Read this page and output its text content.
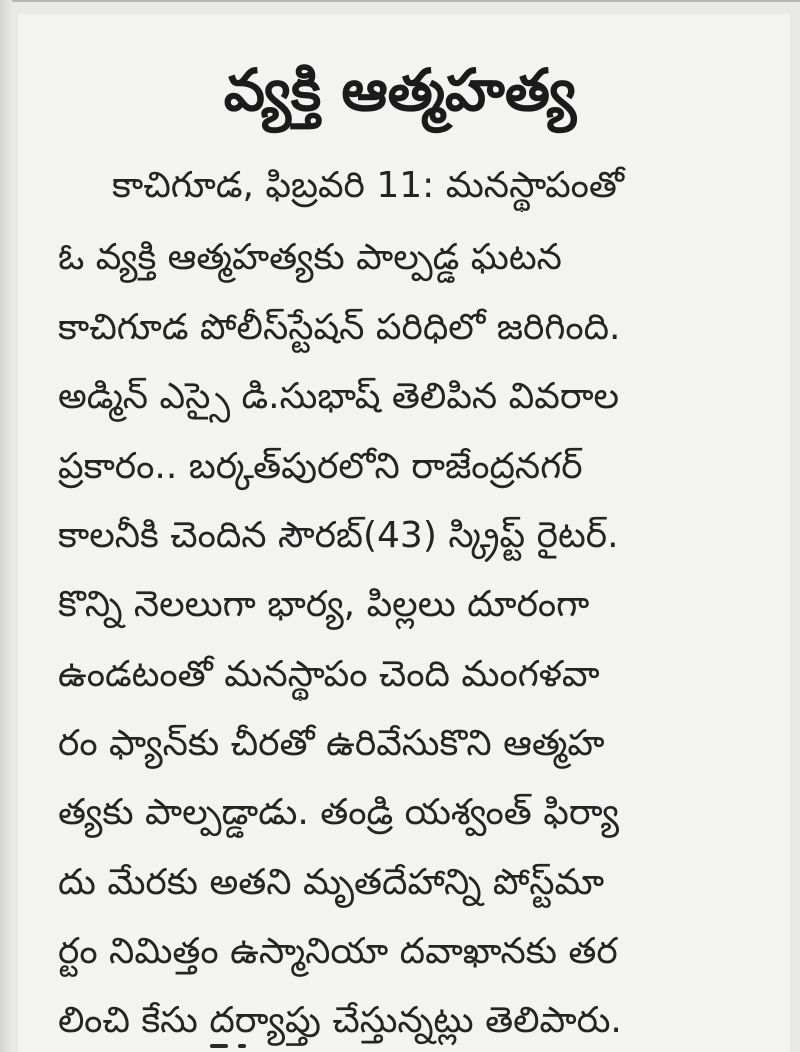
వ్యక్తి ఆత్మహత్య

కాచిగూడ, ఫిబ్రవరి 11: మనస్థాపంతో

ఓ వ్యక్తి ఆత్మహత్యకు పాల్పడ్డ ఘటన

కాచిగూడ పోలీస్‌స్టేషన్ పరిధిలో జరిగింది.

అడ్మిన్ ఎస్సై డి.సుభాష్ తెలిపిన వివరాల

ప్రకారం.. బర్కత్‌పురలోని రాజేంద్రనగర్

కాలనీకి చెందిన సౌరబ్(43) స్క్రిప్ట్ రైటర్.

కొన్ని నెలలుగా భార్య, పిల్లలు దూరంగా

ఉండటంతో మనస్థాపం చెంది మంగళవా

రం ఫ్యాన్‌కు చీరతో ఉరివేసుకొని ఆత్మహ

త్యకు పాల్పడ్డాడు. తండ్రి యశ్వంత్ ఫిర్యా

దు మేరకు అతని మృతదేహాన్ని పోస్ట్‌మా

ర్టం నిమిత్తం ఉస్మానియా దవాఖానకు తర

లించి కేసు దర్యాప్తు చేస్తున్నట్లు తెలిపారు.
